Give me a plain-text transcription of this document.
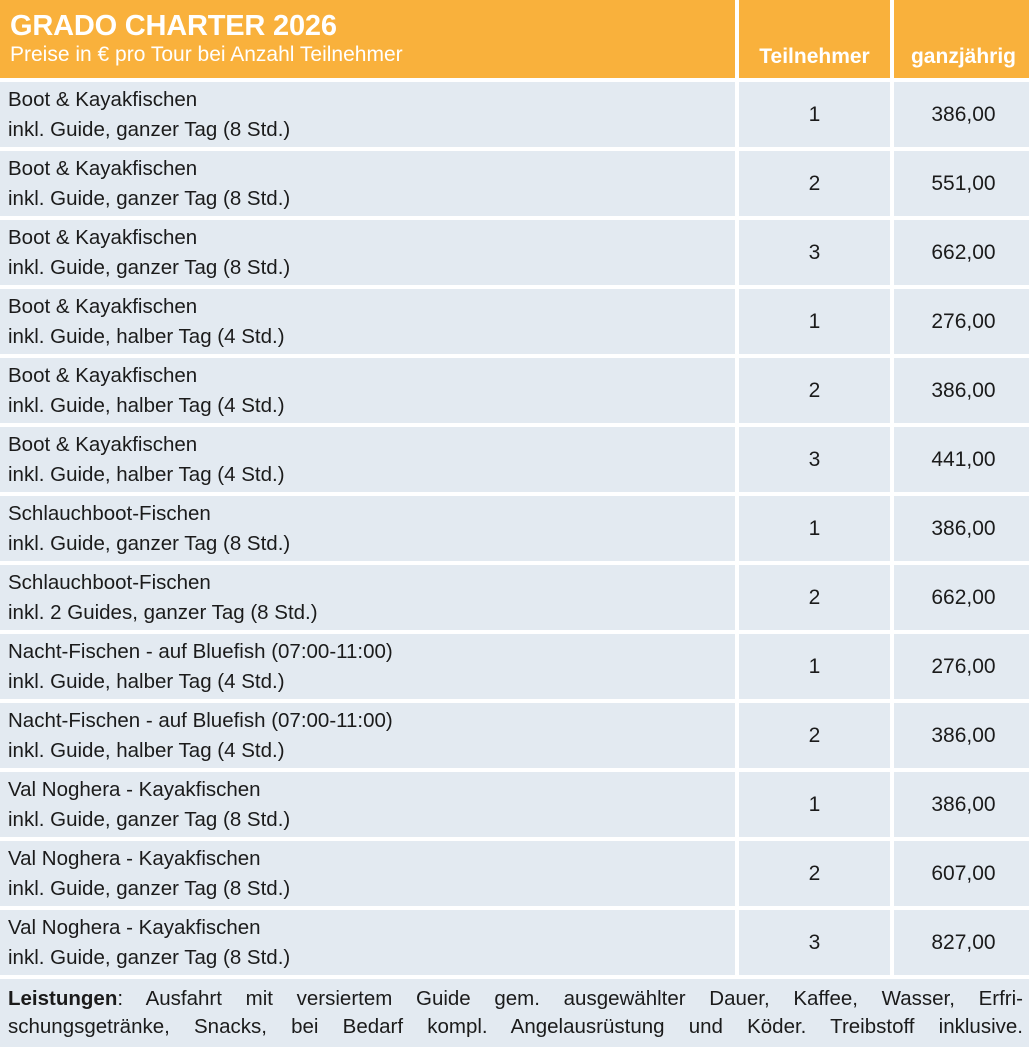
GRADO CHARTER 2026
Preise in € pro Tour bei Anzahl Teilnehmer	Teilnehmer ganzjährig
Boot & Kayakfischen
inkl. Guide, ganzer Tag (8 Std.)
1	386,00
Boot & Kayakfischen
inkl. Guide, ganzer Tag (8 Std.)
2	551,00
Boot & Kayakfischen
inkl. Guide, ganzer Tag (8 Std.)
3	662,00
Boot & Kayakfischen
inkl. Guide, halber Tag (4 Std.)
1	276,00
Boot & Kayakfischen
inkl. Guide, halber Tag (4 Std.)
2	386,00
Boot & Kayakfischen
inkl. Guide, halber Tag (4 Std.)
3	441,00
Schlauchboot-Fischen
inkl. Guide, ganzer Tag (8 Std.)
1	386,00
Schlauchboot-Fischen
inkl. 2 Guides, ganzer Tag (8 Std.)
2	662,00
Nacht-Fischen - auf Bluefish (07:00-11:00)
inkl. Guide, halber Tag (4 Std.)
1	276,00
Nacht-Fischen - auf Bluefish (07:00-11:00)
inkl. Guide, halber Tag (4 Std.)
2	386,00
Val Noghera - Kayakfischen
inkl. Guide, ganzer Tag (8 Std.)
1	386,00
Val Noghera - Kayakfischen
inkl. Guide, ganzer Tag (8 Std.)
2	607,00
Val Noghera - Kayakfischen
inkl. Guide, ganzer Tag (8 Std.)
3	827,00
Leistungen: Ausfahrt mit versiertem Guide gem. ausgewählter Dauer, Kaffee, Wasser, Erfri-
schungsgetränke, Snacks, bei Bedarf kompl. Angelausrüstung und Köder. Treibstoff inklusive.
